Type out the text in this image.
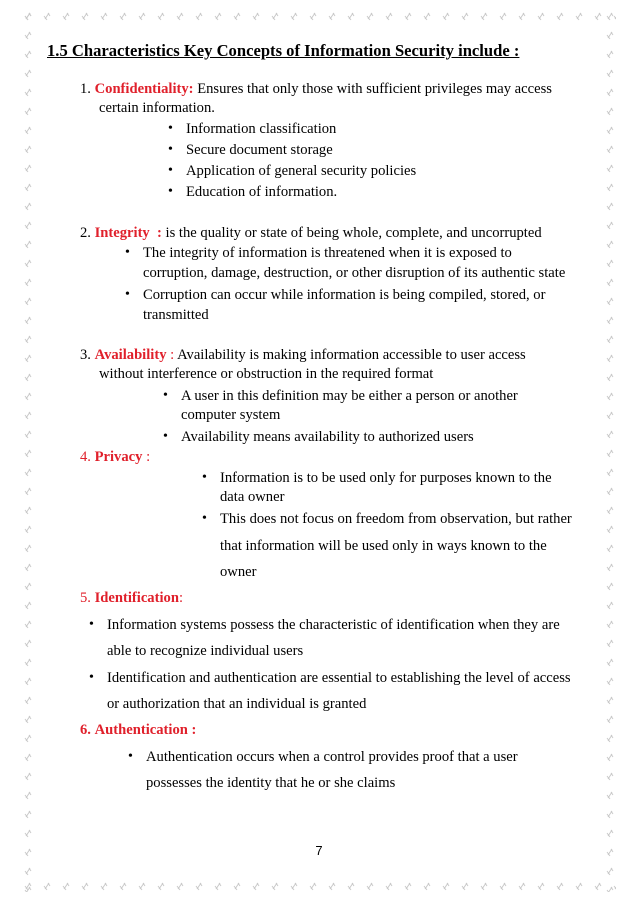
1.5 Characteristics Key Concepts of Information Security include :
1. Confidentiality: Ensures that only those with sufficient privileges may access
certain information.
• Information classification
• Secure document storage
• Application of general security policies
• Education of information.
2. Integrity  : is the quality or state of being whole, complete, and uncorrupted
• The integrity of information is threatened when it is exposed to
corruption, damage, destruction, or other disruption of its authentic state
• Corruption can occur while information is being compiled, stored, or
transmitted
3. Availability : Availability is making information accessible to user access
without interference or obstruction in the required format
• A user in this definition may be either a person or another
computer system
• Availability means availability to authorized users
4. Privacy :
• Information is to be used only for purposes known to the
data owner
• This does not focus on freedom from observation, but rather
that information will be used only in ways known to the
owner
5. Identification:
• Information systems possess the characteristic of identification when they are
able to recognize individual users
• Identification and authentication are essential to establishing the level of access
or authorization that an individual is granted
6. Authentication :
• Authentication occurs when a control provides proof that a user
possesses the identity that he or she claims
7
